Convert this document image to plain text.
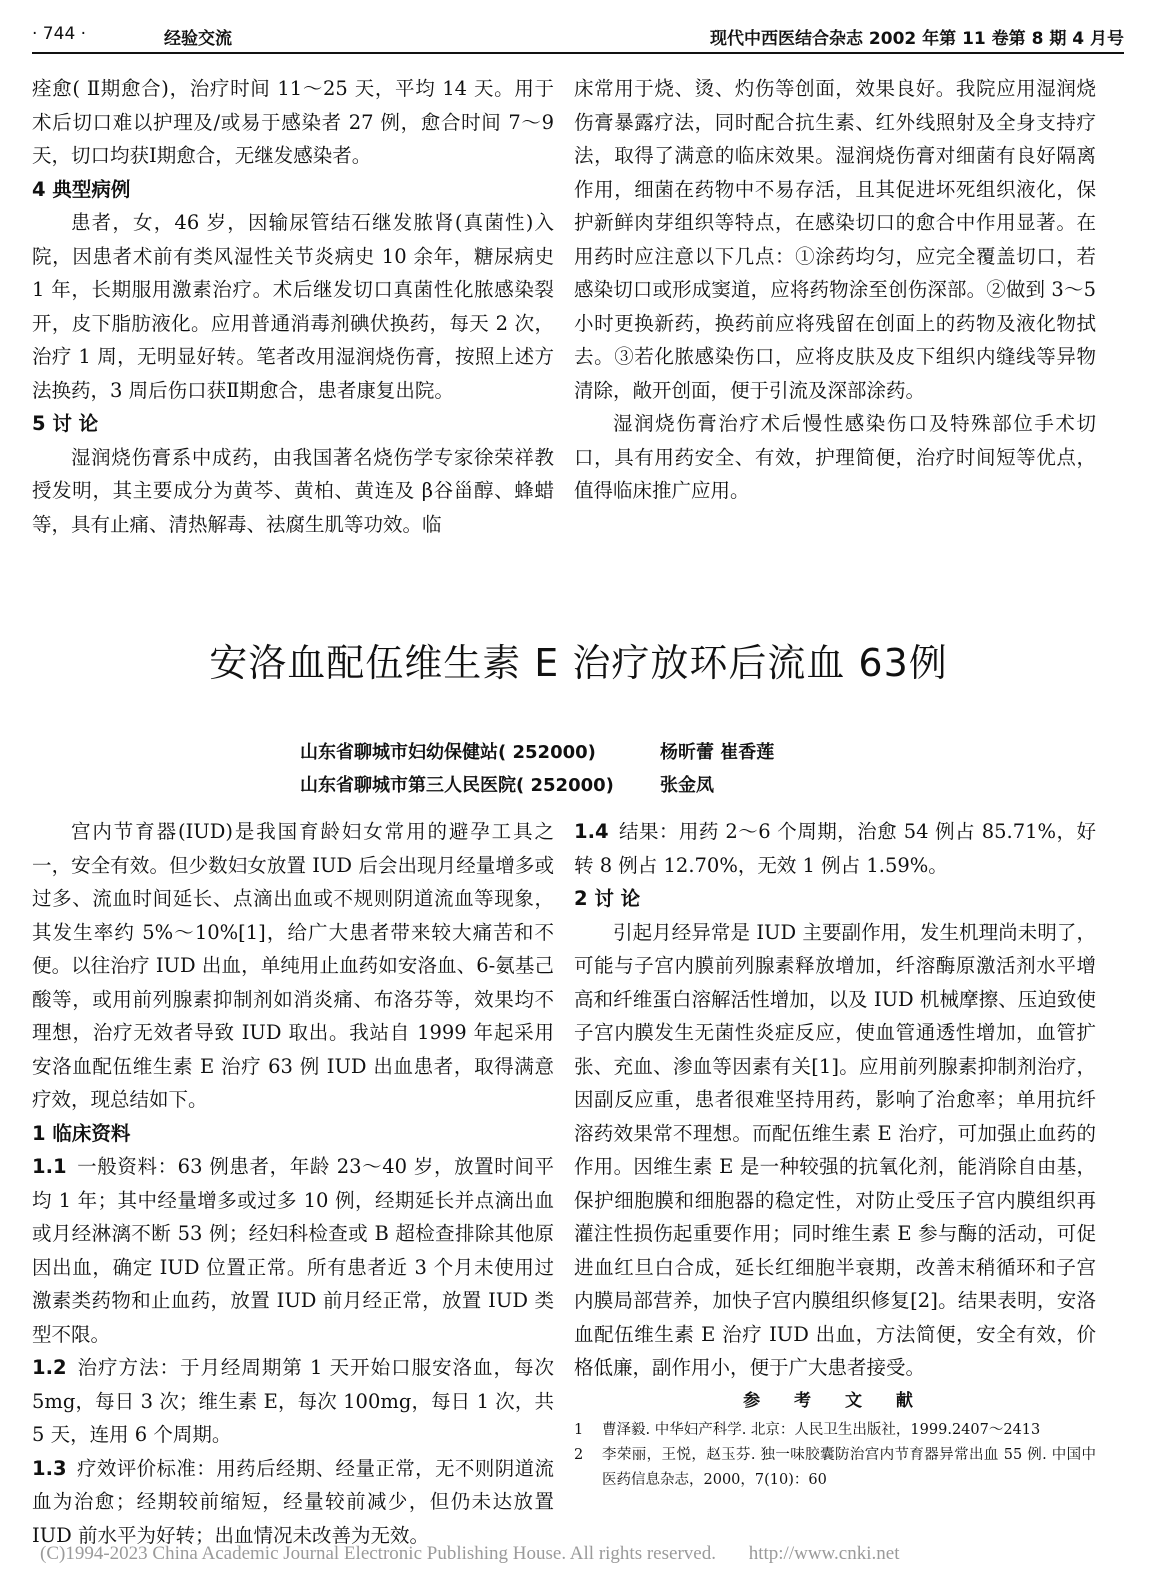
· 744 ·	经验交流	现代中西医结合杂志 2002 年第 11 卷第 8 期 4 月号

痊愈( Ⅱ期愈合)，治疗时间 11～25 天，平均 14 天。用于术后切口难以护理及/或易于感染者 27 例，愈合时间 7～9 天，切口均获Ⅰ期愈合，无继发感染者。

4 典型病例

患者，女，46 岁，因输尿管结石继发脓肾(真菌性)入院，因患者术前有类风湿性关节炎病史 10 余年，糖尿病史 1 年，长期服用激素治疗。术后继发切口真菌性化脓感染裂开，皮下脂肪液化。应用普通消毒剂碘伏换药，每天 2 次，治疗 1 周，无明显好转。笔者改用湿润烧伤膏，按照上述方法换药，3 周后伤口获Ⅱ期愈合，患者康复出院。

5 讨 论

湿润烧伤膏系中成药，由我国著名烧伤学专家徐荣祥教授发明，其主要成分为黄芩、黄柏、黄连及 β谷甾醇、蜂蜡等，具有止痛、清热解毒、祛腐生肌等功效。临

床常用于烧、烫、灼伤等创面，效果良好。我院应用湿润烧伤膏暴露疗法，同时配合抗生素、红外线照射及全身支持疗法，取得了满意的临床效果。湿润烧伤膏对细菌有良好隔离作用，细菌在药物中不易存活，且其促进坏死组织液化，保护新鲜肉芽组织等特点，在感染切口的愈合中作用显著。在用药时应注意以下几点：①涂药均匀，应完全覆盖切口，若感染切口或形成窦道，应将药物涂至创伤深部。②做到 3～5 小时更换新药，换药前应将残留在创面上的药物及液化物拭去。③若化脓感染伤口，应将皮肤及皮下组织内缝线等异物清除，敞开创面，便于引流及深部涂药。

湿润烧伤膏治疗术后慢性感染伤口及特殊部位手术切口，具有用药安全、有效，护理简便，治疗时间短等优点，值得临床推广应用。

安洛血配伍维生素 E 治疗放环后流血 63例
山东省聊城市妇幼保健站( 252000)	杨昕蕾 崔香莲
山东省聊城市第三人民医院( 252000)	张金凤

宫内节育器(IUD)是我国育龄妇女常用的避孕工具之一，安全有效。但少数妇女放置 IUD 后会出现月经量增多或过多、流血时间延长、点滴出血或不规则阴道流血等现象，其发生率约 5%～10%[1]，给广大患者带来较大痛苦和不便。以往治疗 IUD 出血，单纯用止血药如安洛血、6-氨基己酸等，或用前列腺素抑制剂如消炎痛、布洛芬等，效果均不理想，治疗无效者导致 IUD 取出。我站自 1999 年起采用安洛血配伍维生素 E 治疗 63 例 IUD 出血患者，取得满意疗效，现总结如下。

1 临床资料

1.1 一般资料：63 例患者，年龄 23～40 岁，放置时间平均 1 年；其中经量增多或过多 10 例，经期延长并点滴出血或月经淋漓不断 53 例；经妇科检查或 B 超检查排除其他原因出血，确定 IUD 位置正常。所有患者近 3 个月未使用过激素类药物和止血药，放置 IUD 前月经正常，放置 IUD 类型不限。

1.2 治疗方法：于月经周期第 1 天开始口服安洛血，每次 5mg，每日 3 次；维生素 E，每次 100mg，每日 1 次，共 5 天，连用 6 个周期。

1.3 疗效评价标准：用药后经期、经量正常，无不则阴道流血为治愈；经期较前缩短，经量较前减少，但仍未达放置 IUD 前水平为好转；出血情况未改善为无效。

1.4 结果：用药 2～6 个周期，治愈 54 例占 85.71%，好转 8 例占 12.70%，无效 1 例占 1.59%。

2 讨 论

引起月经异常是 IUD 主要副作用，发生机理尚未明了，可能与子宫内膜前列腺素释放增加，纤溶酶原激活剂水平增高和纤维蛋白溶解活性增加，以及 IUD 机械摩擦、压迫致使子宫内膜发生无菌性炎症反应，使血管通透性增加，血管扩张、充血、渗血等因素有关[1]。应用前列腺素抑制剂治疗，因副反应重，患者很难坚持用药，影响了治愈率；单用抗纤溶药效果常不理想。而配伍维生素 E 治疗，可加强止血药的作用。因维生素 E 是一种较强的抗氧化剂，能消除自由基，保护细胞膜和细胞器的稳定性，对防止受压子宫内膜组织再灌注性损伤起重要作用；同时维生素 E 参与酶的活动，可促进血红旦白合成，延长红细胞半衰期，改善末稍循环和子宫内膜局部营养，加快子宫内膜组织修复[2]。结果表明，安洛血配伍维生素 E 治疗 IUD 出血，方法简便，安全有效，价格低廉，副作用小，便于广大患者接受。

参 考 文 献

1 曹泽毅. 中华妇产科学. 北京：人民卫生出版社，1999.2407～2413

2 李荣丽，王悦，赵玉芬. 独一味胶囊防治宫内节育器异常出血 55 例. 中国中医药信息杂志，2000，7(10)：60

(C)1994-2023 China Academic Journal Electronic Publishing House. All rights reserved. http://www.cnki.net
